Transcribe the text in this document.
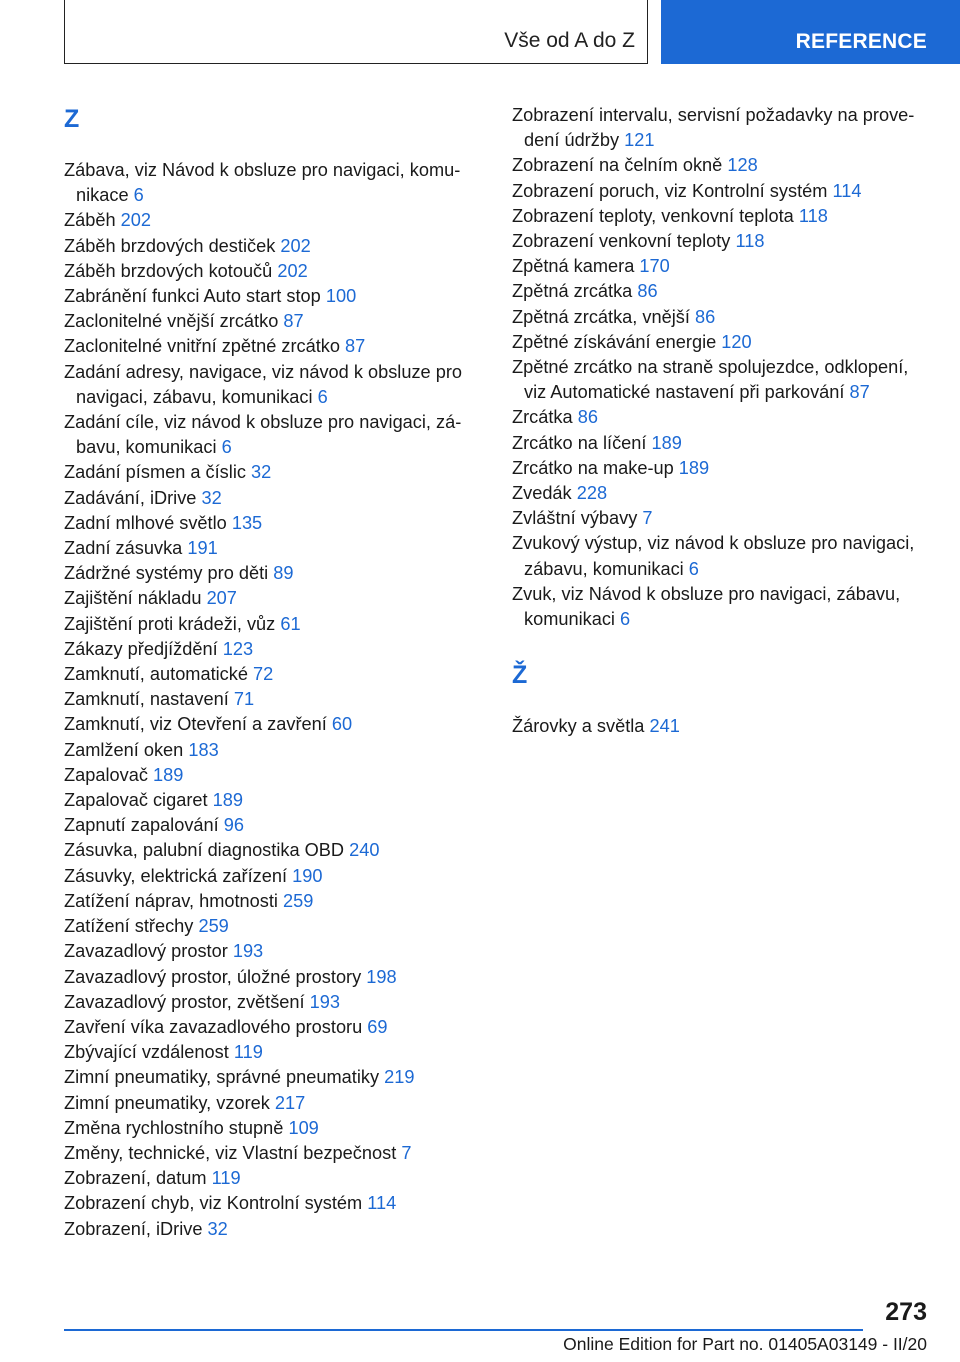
Vše od A do Z	REFERENCE
Z
Zábava, viz Návod k obsluze pro navigaci, komunikace 6
Záběh 202
Záběh brzdových destiček 202
Záběh brzdových kotoučů 202
Zabránění funkci Auto start stop 100
Zaclonitelné vnější zrcátko 87
Zaclonitelné vnitřní zpětné zrcátko 87
Zadání adresy, navigace, viz návod k obsluze pro navigaci, zábavu, komunikaci 6
Zadání cíle, viz návod k obsluze pro navigaci, zábavu, komunikaci 6
Zadání písmen a číslic 32
Zadávání, iDrive 32
Zadní mlhové světlo 135
Zadní zásuvka 191
Zádržné systémy pro děti 89
Zajištění nákladu 207
Zajištění proti krádeži, vůz 61
Zákazy předjíždění 123
Zamknutí, automatické 72
Zamknutí, nastavení 71
Zamknutí, viz Otevření a zavření 60
Zamlžení oken 183
Zapalovač 189
Zapalovač cigaret 189
Zapnutí zapalování 96
Zásuvka, palubní diagnostika OBD 240
Zásuvky, elektrická zařízení 190
Zatížení náprav, hmotnosti 259
Zatížení střechy 259
Zavazadlový prostor 193
Zavazadlový prostor, úložné prostory 198
Zavazadlový prostor, zvětšení 193
Zavření víka zavazadlového prostoru 69
Zbývající vzdálenost 119
Zimní pneumatiky, správné pneumatiky 219
Zimní pneumatiky, vzorek 217
Změna rychlostního stupně 109
Změny, technické, viz Vlastní bezpečnost 7
Zobrazení, datum 119
Zobrazení chyb, viz Kontrolní systém 114
Zobrazení, iDrive 32
Zobrazení intervalu, servisní požadavky na provedení údržby 121
Zobrazení na čelním okně 128
Zobrazení poruch, viz Kontrolní systém 114
Zobrazení teploty, venkovní teplota 118
Zobrazení venkovní teploty 118
Zpětná kamera 170
Zpětná zrcátka 86
Zpětná zrcátka, vnější 86
Zpětné získávání energie 120
Zpětné zrcátko na straně spolujezdce, odklopení, viz Automatické nastavení při parkování 87
Zrcátka 86
Zrcátko na líčení 189
Zrcátko na make-up 189
Zvedák 228
Zvláštní výbavy 7
Zvukový výstup, viz návod k obsluze pro navigaci, zábavu, komunikaci 6
Zvuk, viz Návod k obsluze pro navigaci, zábavu, komunikaci 6
Ž
Žárovky a světla 241
273
Online Edition for Part no. 01405A03149 - II/20
